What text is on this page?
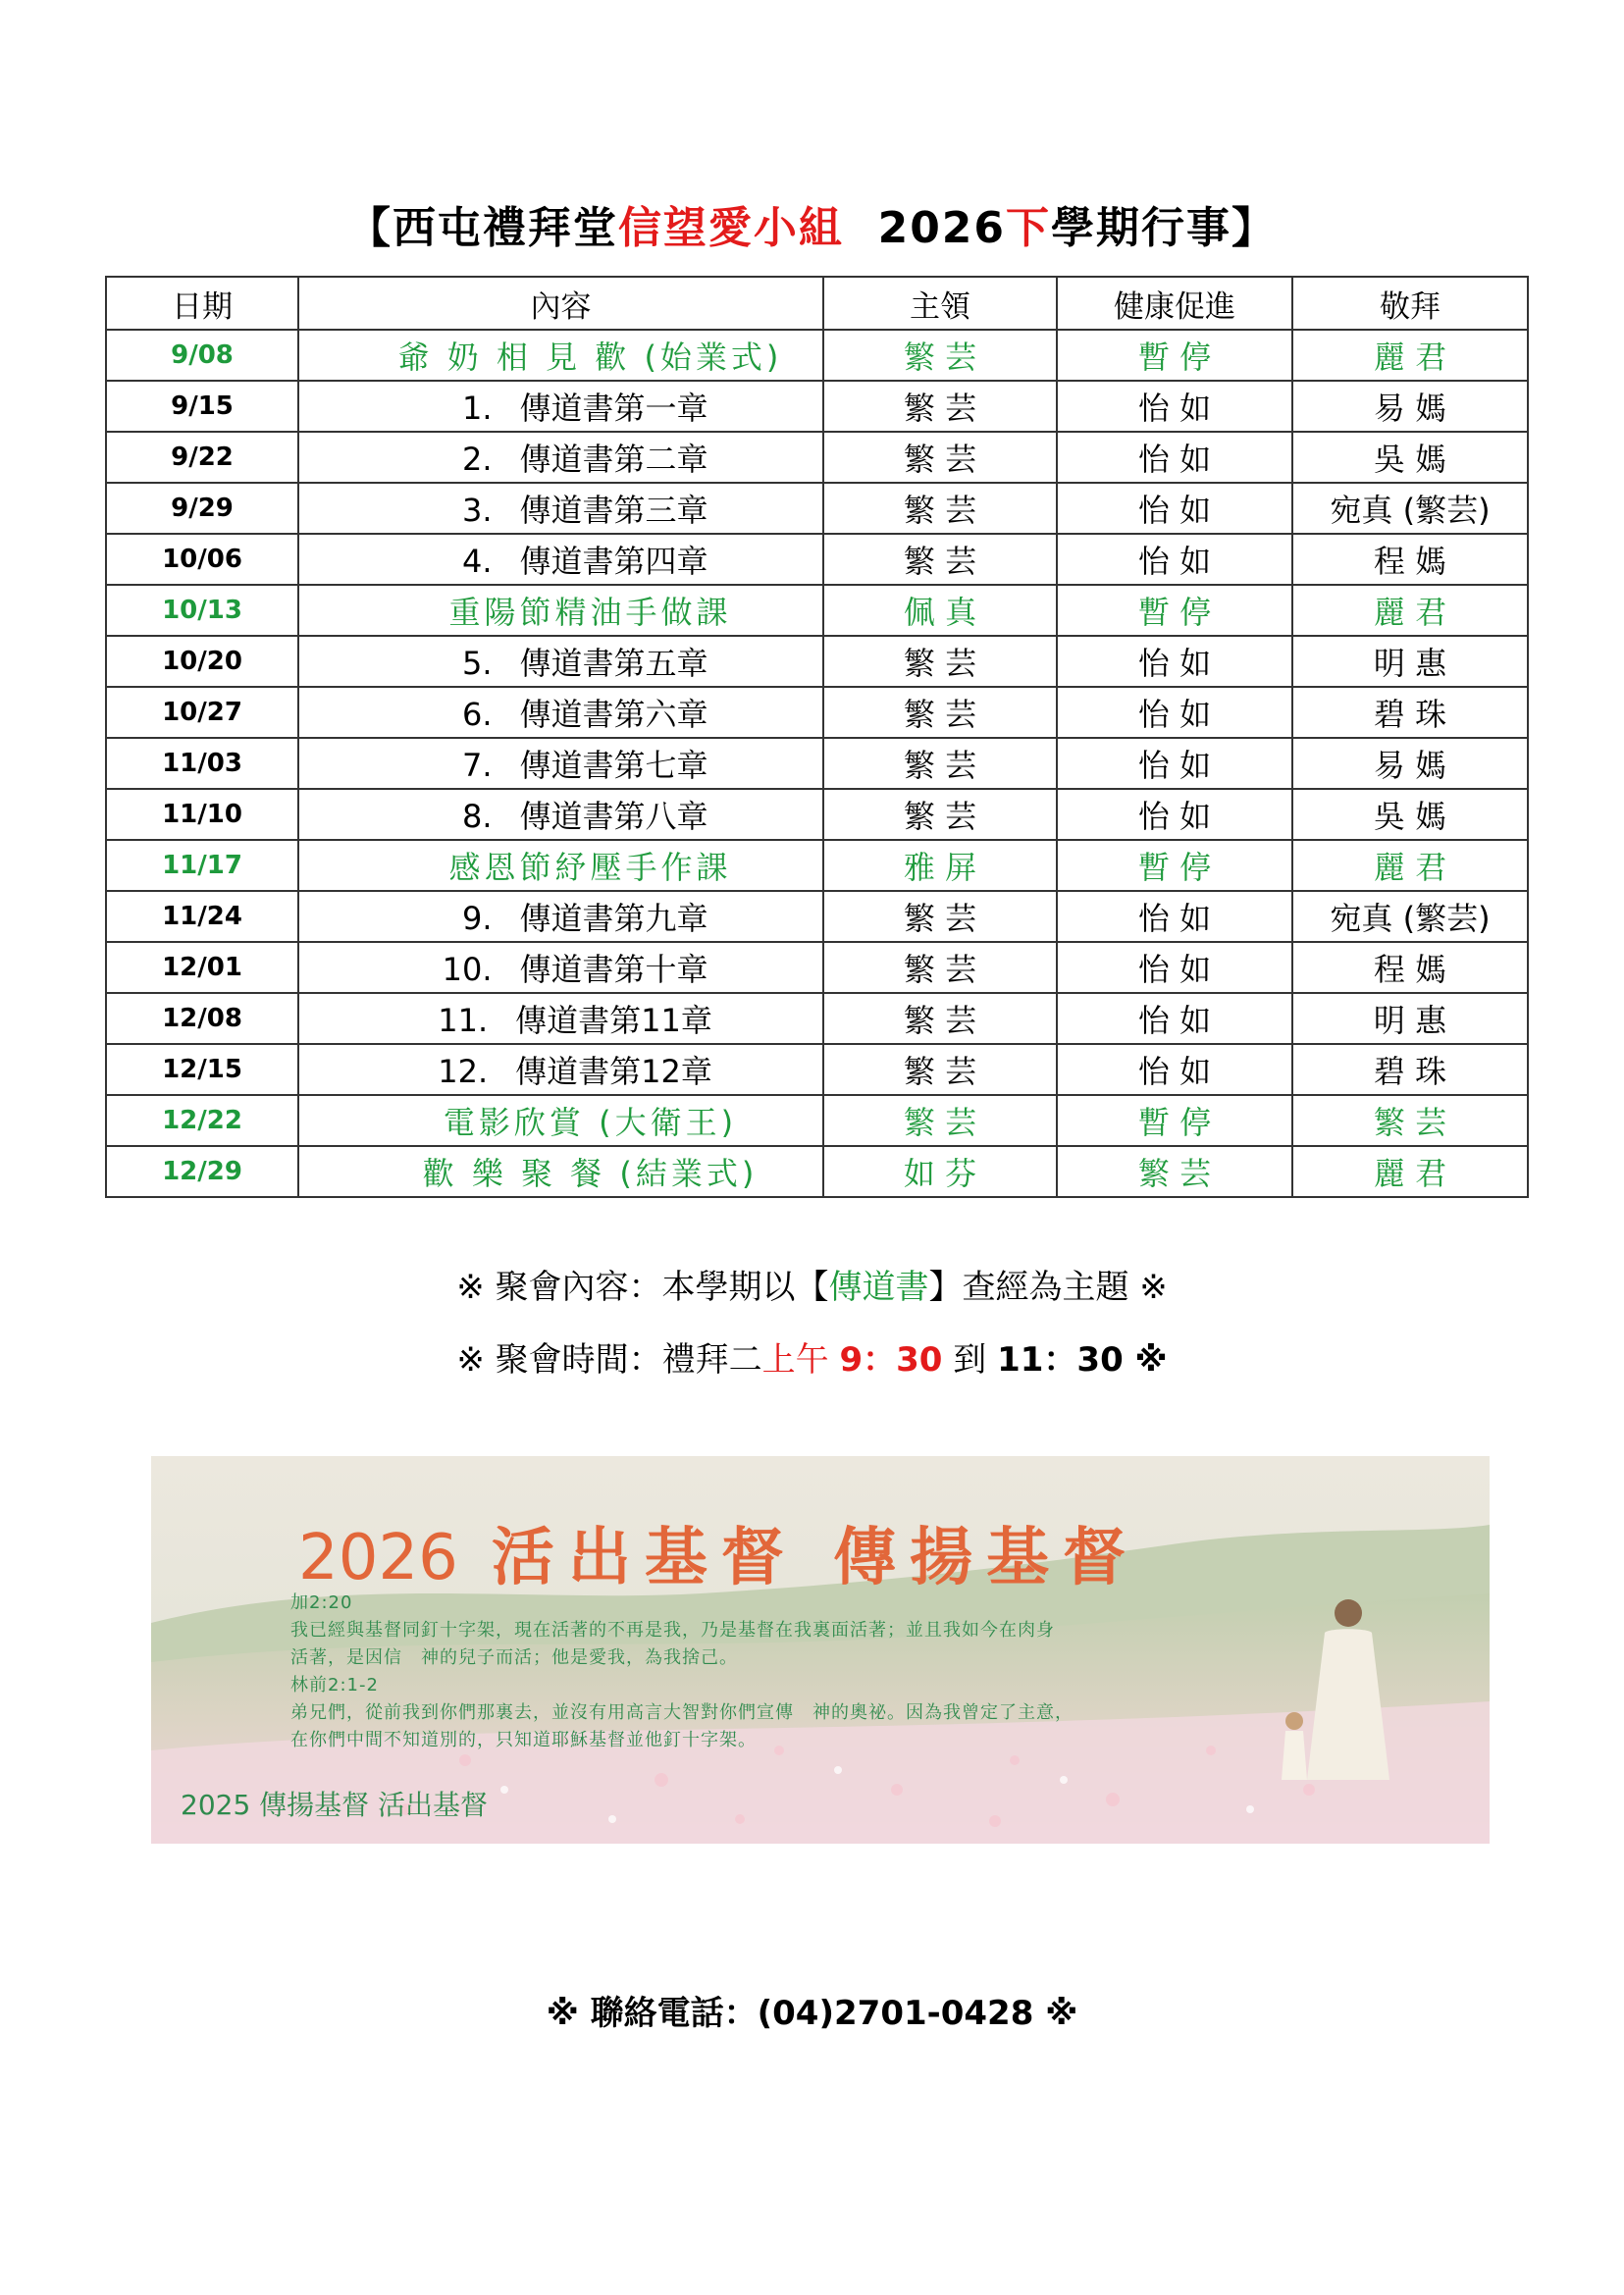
【西屯禮拜堂信望愛小組 2026下學期行事】
日期	內容	主領	健康促進	敬拜
9/08	爺 奶 相 見 歡 (始業式)	繁 芸	暫 停	麗 君
9/15	1. 傳道書第一章	繁 芸	怡 如	易 媽
9/22	2. 傳道書第二章	繁 芸	怡 如	吳 媽
9/29	3. 傳道書第三章	繁 芸	怡 如	宛真 (繁芸)
10/06	4. 傳道書第四章	繁 芸	怡 如	程 媽
10/13	重陽節精油手做課	佩 真	暫 停	麗 君
10/20	5. 傳道書第五章	繁 芸	怡 如	明 惠
10/27	6. 傳道書第六章	繁 芸	怡 如	碧 珠
11/03	7. 傳道書第七章	繁 芸	怡 如	易 媽
11/10	8. 傳道書第八章	繁 芸	怡 如	吳 媽
11/17	感恩節紓壓手作課	雅 屏	暫 停	麗 君
11/24	9. 傳道書第九章	繁 芸	怡 如	宛真 (繁芸)
12/01	10. 傳道書第十章	繁 芸	怡 如	程 媽
12/08	11. 傳道書第11章	繁 芸	怡 如	明 惠
12/15	12. 傳道書第12章	繁 芸	怡 如	碧 珠
12/22	電影欣賞 (大衛王)	繁 芸	暫 停	繁 芸
12/29	歡 樂 聚 餐 (結業式)	如 芬	繁 芸	麗 君
※ 聚會內容：本學期以【傳道書】查經為主題 ※
※ 聚會時間：禮拜二上午 9：30 到 11：30 ※
2026 活出基督 傳揚基督
加2:20
我已經與基督同釘十字架，現在活著的不再是我，乃是基督在我裏面活著；並且我如今在肉身
活著，是因信　神的兒子而活；他是愛我，為我捨己。
林前2:1-2
弟兄們，從前我到你們那裏去，並沒有用高言大智對你們宣傳　神的奧祕。因為我曾定了主意，
在你們中間不知道別的，只知道耶穌基督並他釘十字架。
2025 傳揚基督 活出基督
※ 聯絡電話：(04)2701-0428 ※
